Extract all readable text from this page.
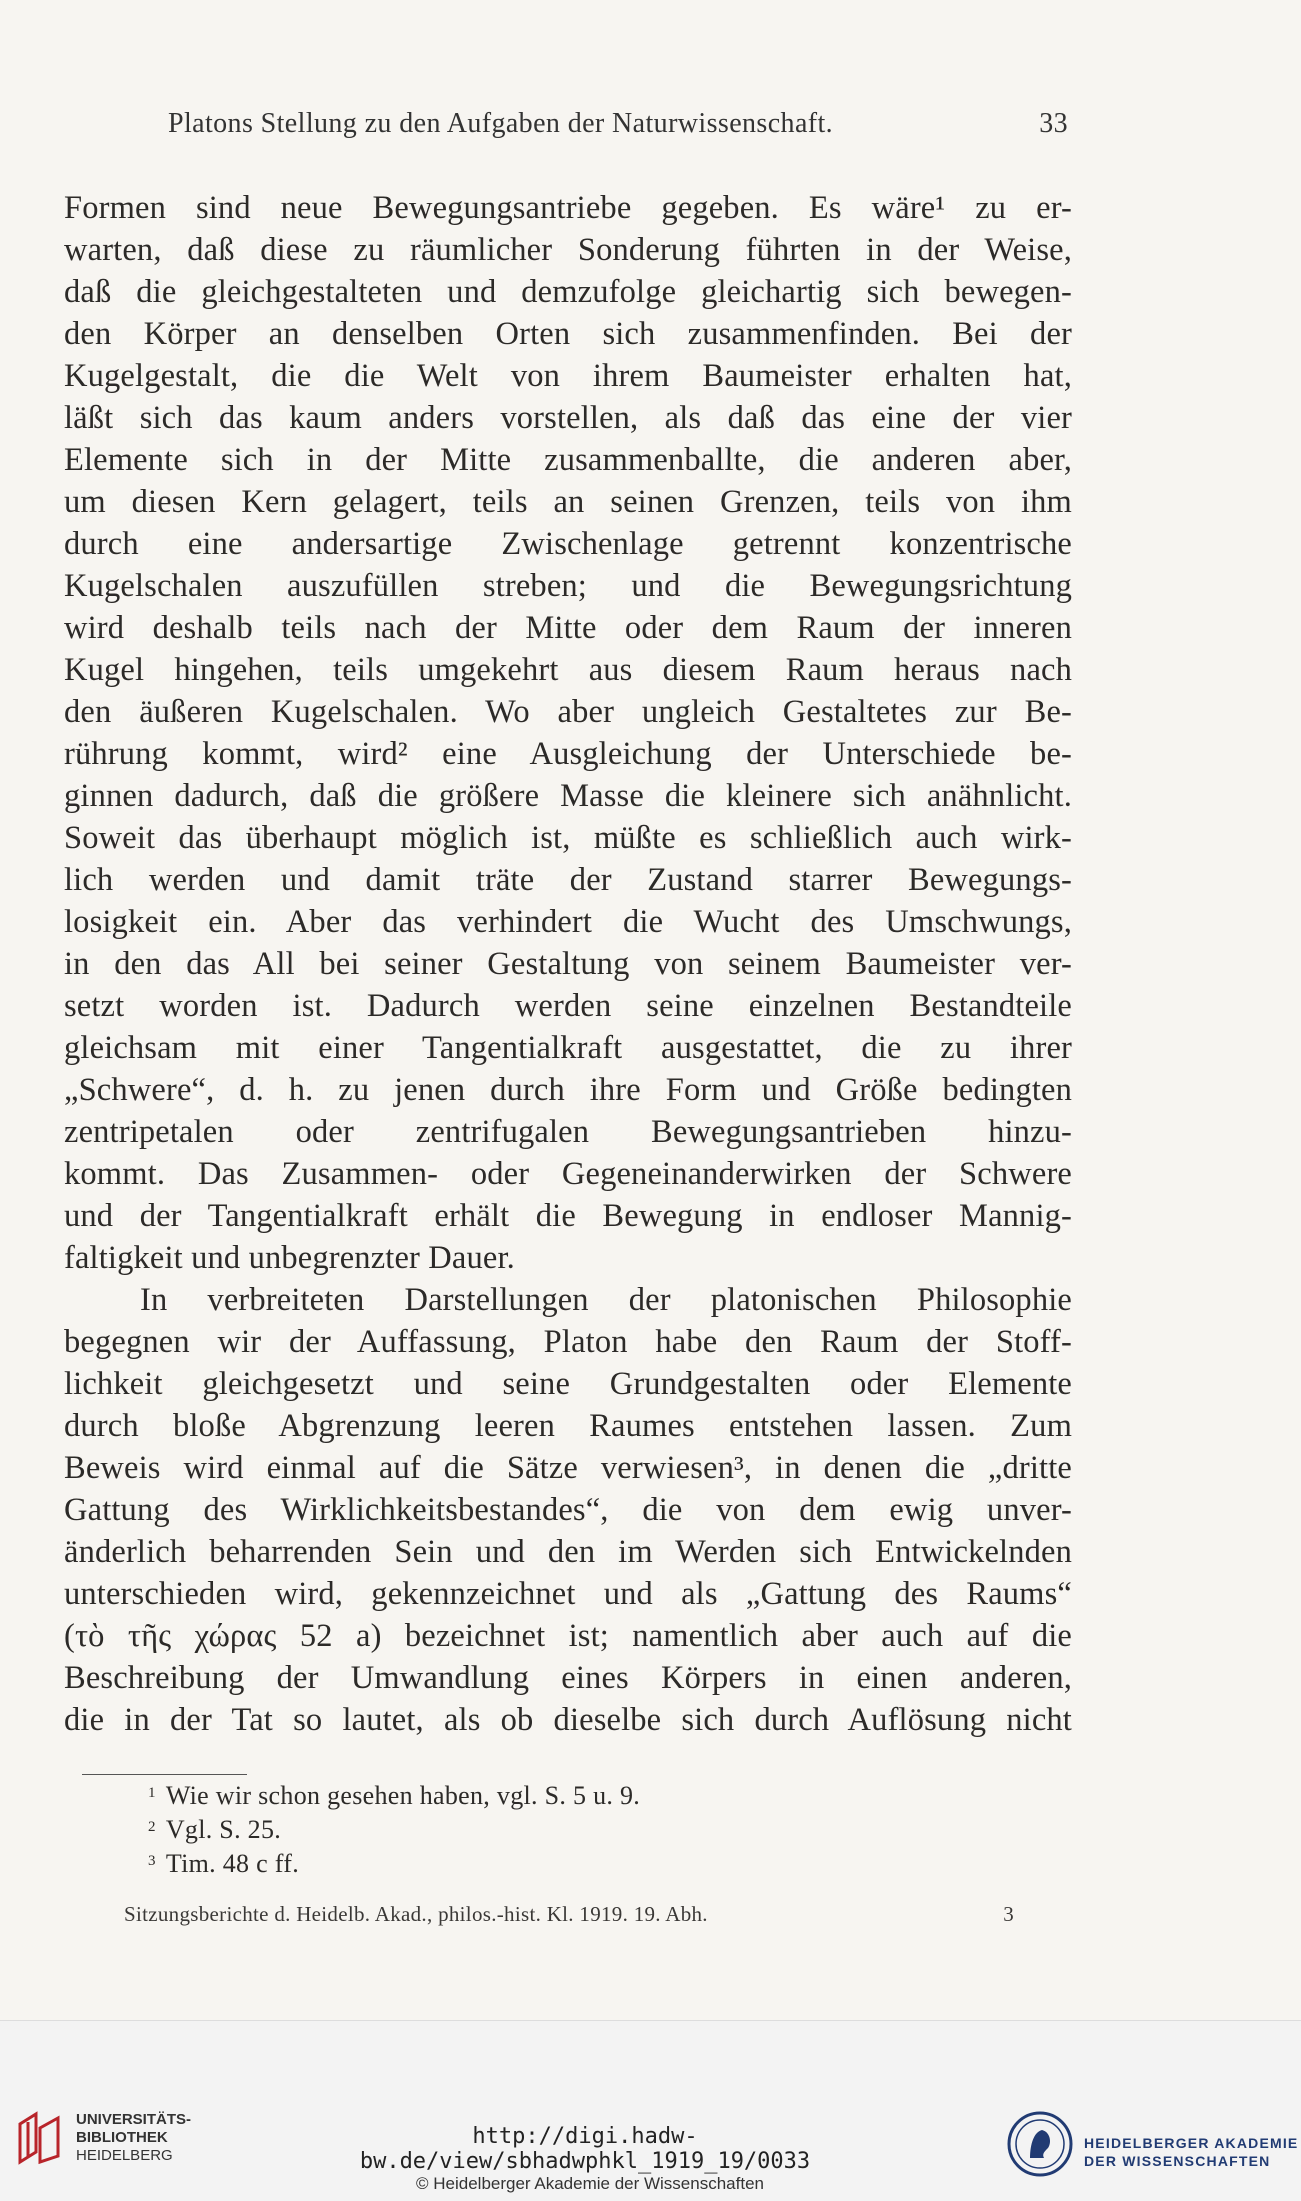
Platons Stellung zu den Aufgaben der Naturwissenschaft.	33
Formen sind neue Bewegungsantriebe gegeben. Es wäre¹ zu er-
warten, daß diese zu räumlicher Sonderung führten in der Weise,
daß die gleichgestalteten und demzufolge gleichartig sich bewegen-
den Körper an denselben Orten sich zusammenfinden. Bei der
Kugelgestalt, die die Welt von ihrem Baumeister erhalten hat,
läßt sich das kaum anders vorstellen, als daß das eine der vier
Elemente sich in der Mitte zusammenballte, die anderen aber,
um diesen Kern gelagert, teils an seinen Grenzen, teils von ihm
durch eine andersartige Zwischenlage getrennt konzentrische
Kugelschalen auszufüllen streben; und die Bewegungsrichtung
wird deshalb teils nach der Mitte oder dem Raum der inneren
Kugel hingehen, teils umgekehrt aus diesem Raum heraus nach
den äußeren Kugelschalen. Wo aber ungleich Gestaltetes zur Be-
rührung kommt, wird² eine Ausgleichung der Unterschiede be-
ginnen dadurch, daß die größere Masse die kleinere sich anähnlicht.
Soweit das überhaupt möglich ist, müßte es schließlich auch wirk-
lich werden und damit träte der Zustand starrer Bewegungs-
losigkeit ein. Aber das verhindert die Wucht des Umschwungs,
in den das All bei seiner Gestaltung von seinem Baumeister ver-
setzt worden ist. Dadurch werden seine einzelnen Bestandteile
gleichsam mit einer Tangentialkraft ausgestattet, die zu ihrer
„Schwere“, d. h. zu jenen durch ihre Form und Größe bedingten
zentripetalen oder zentrifugalen Bewegungsantrieben hinzu-
kommt. Das Zusammen- oder Gegeneinanderwirken der Schwere
und der Tangentialkraft erhält die Bewegung in endloser Mannig-
faltigkeit und unbegrenzter Dauer.
In verbreiteten Darstellungen der platonischen Philosophie
begegnen wir der Auffassung, Platon habe den Raum der Stoff-
lichkeit gleichgesetzt und seine Grundgestalten oder Elemente
durch bloße Abgrenzung leeren Raumes entstehen lassen. Zum
Beweis wird einmal auf die Sätze verwiesen³, in denen die „dritte
Gattung des Wirklichkeitsbestandes“, die von dem ewig unver-
änderlich beharrenden Sein und den im Werden sich Entwickelnden
unterschieden wird, gekennzeichnet und als „Gattung des Raums“
(τὸ τῆς χώρας 52 a) bezeichnet ist; namentlich aber auch auf die
Beschreibung der Umwandlung eines Körpers in einen anderen,
die in der Tat so lautet, als ob dieselbe sich durch Auflösung nicht
$^1$ Wie wir schon gesehen haben, vgl. S. 5 u. 9.
$^2$ Vgl. S. 25.
$^3$ Tim. 48 c ff.
Sitzungsberichte d. Heidelb. Akad., philos.-hist. Kl. 1919. 19. Abh.	3
UNIVERSITÄTS-
BIBLIOTHEK
HEIDELBERG
http://digi.hadw-bw.de/view/sbhadwphkl_1919_19/0033
© Heidelberger Akademie der Wissenschaften
HEIDELBERGER AKADEMIE
DER WISSENSCHAFTEN
